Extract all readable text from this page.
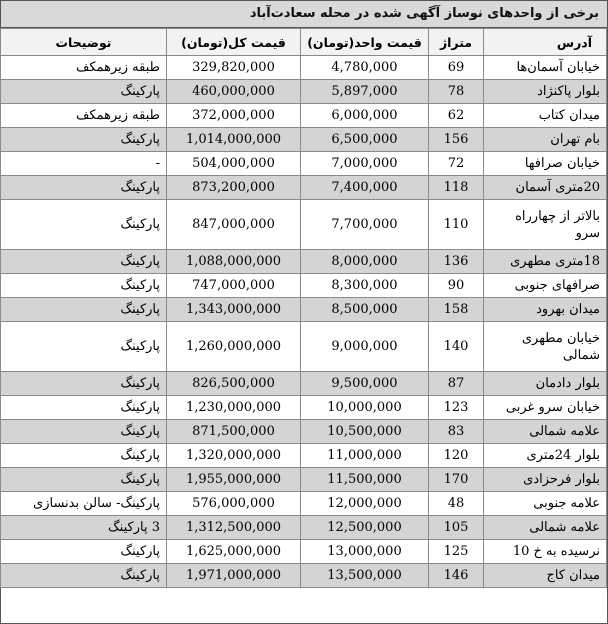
برخی از واحدهای نوساز آگهی شده در محله سعادت‌آباد
آدرس	متراژ	قیمت واحد(تومان)	قیمت کل(تومان)	توضیحات
خیابان آسمان‌ها	69	4,780,000	329,820,000	طبقه زیرهمکف
بلوار پاکنژاد	78	5,897,000	460,000,000	پارکینگ
میدان کتاب	62	6,000,000	372,000,000	طبقه زیرهمکف
بام تهران	156	6,500,000	1,014,000,000	پارکینگ
خیابان صرافها	72	7,000,000	504,000,000	-
20متری آسمان	118	7,400,000	873,200,000	پارکینگ
بالاتر از چهارراه سرو	110	7,700,000	847,000,000	پارکینگ
18متری مطهری	136	8,000,000	1,088,000,000	پارکینگ
صرافهای جنوبی	90	8,300,000	747,000,000	پارکینگ
میدان بهرود	158	8,500,000	1,343,000,000	پارکینگ
خیابان مطهری شمالی	140	9,000,000	1,260,000,000	پارکینگ
بلوار دادمان	87	9,500,000	826,500,000	پارکینگ
خیابان سرو غربی	123	10,000,000	1,230,000,000	پارکینگ
علامه شمالی	83	10,500,000	871,500,000	پارکینگ
بلوار 24متری	120	11,000,000	1,320,000,000	پارکینگ
بلوار فرحزادی	170	11,500,000	1,955,000,000	پارکینگ
علامه جنوبی	48	12,000,000	576,000,000	پارکینگ- سالن بدنسازی
علامه شمالی	105	12,500,000	1,312,500,000	3 پارکینگ
نرسیده به خ 10	125	13,000,000	1,625,000,000	پارکینگ
میدان کاج	146	13,500,000	1,971,000,000	پارکینگ
